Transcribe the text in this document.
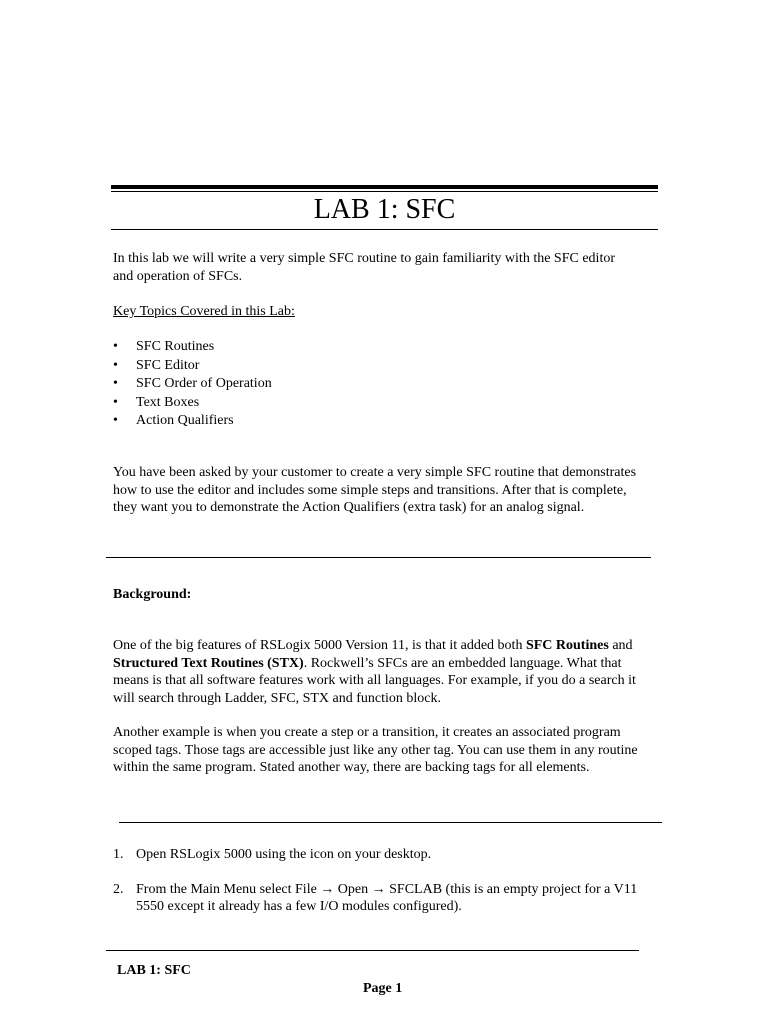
LAB 1: SFC

In this lab we will write a very simple SFC routine to gain familiarity with the SFC editor and operation of SFCs.

Key Topics Covered in this Lab:

• SFC Routines
• SFC Editor
• SFC Order of Operation
• Text Boxes
• Action Qualifiers

You have been asked by your customer to create a very simple SFC routine that demonstrates how to use the editor and includes some simple steps and transitions. After that is complete, they want you to demonstrate the Action Qualifiers (extra task) for an analog signal.

Background:

One of the big features of RSLogix 5000 Version 11, is that it added both SFC Routines and Structured Text Routines (STX). Rockwell’s SFCs are an embedded language. What that means is that all software features work with all languages. For example, if you do a search it will search through Ladder, SFC, STX and function block.

Another example is when you create a step or a transition, it creates an associated program scoped tags. Those tags are accessible just like any other tag. You can use them in any routine within the same program. Stated another way, there are backing tags for all elements.

1. Open RSLogix 5000 using the icon on your desktop.
2. From the Main Menu select File → Open → SFCLAB (this is an empty project for a V11 5550 except it already has a few I/O modules configured).
LAB 1: SFC
Page 1
